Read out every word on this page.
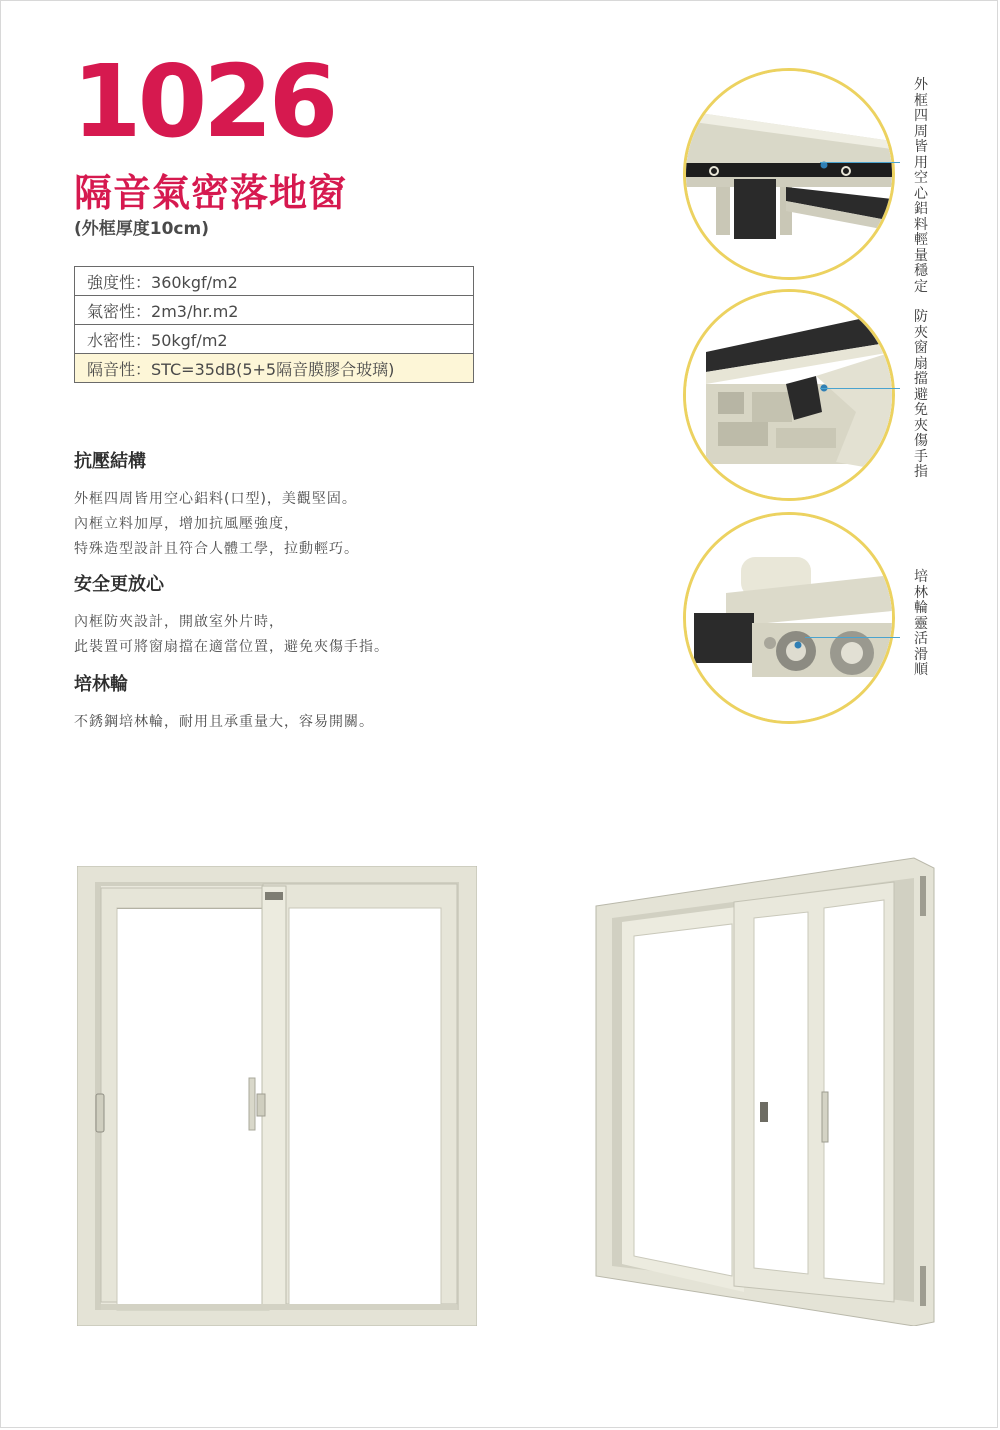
1026
隔音氣密落地窗
(外框厚度10cm)
強度性：360kgf/m2
氣密性：2m3/hr.m2
水密性：50kgf/m2
隔音性：STC=35dB(5+5隔音膜膠合玻璃)
抗壓結構

外框四周皆用空心鋁料(口型)，美觀堅固。

內框立料加厚，增加抗風壓強度，

特殊造型設計且符合人體工學，拉動輕巧。

安全更放心

內框防夾設計，開啟室外片時，

此裝置可將窗扇擋在適當位置，避免夾傷手指。

培林輪

不銹鋼培林輪，耐用且承重量大，容易開關。

外框四周皆用空心鋁料輕量穩定
防夾窗扇擋避免夾傷手指
培林輪靈活滑順
